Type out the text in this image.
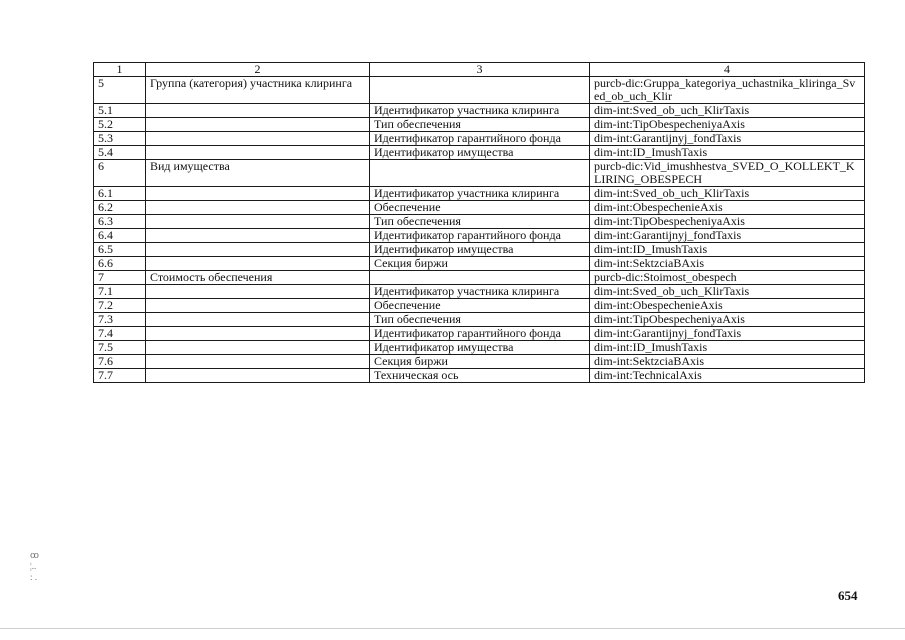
1	2	3	4
5	Группа (категория) участника клиринга		purcb-dic:Gruppa_kategoriya_uchastnika_kliringa_Sved_ob_uch_Klir
5.1		Идентификатор участника клиринга	dim-int:Sved_ob_uch_KlirTaxis
5.2		Тип обеспечения	dim-int:TipObespecheniyaAxis
5.3		Идентификатор гарантийного фонда	dim-int:Garantijnyj_fondTaxis
5.4		Идентификатор имущества	dim-int:ID_ImushTaxis
6	Вид имущества		purcb-dic:Vid_imushhestva_SVED_O_KOLLEKT_KLIRING_OBESPECH
6.1		Идентификатор участника клиринга	dim-int:Sved_ob_uch_KlirTaxis
6.2		Обеспечение	dim-int:ObespechenieAxis
6.3		Тип обеспечения	dim-int:TipObespecheniyaAxis
6.4		Идентификатор гарантийного фонда	dim-int:Garantijnyj_fondTaxis
6.5		Идентификатор имущества	dim-int:ID_ImushTaxis
6.6		Секция биржи	dim-int:SektzciaBAxis
7	Стоимость обеспечения		purcb-dic:Stoimost_obespech
7.1		Идентификатор участника клиринга	dim-int:Sved_ob_uch_KlirTaxis
7.2		Обеспечение	dim-int:ObespechenieAxis
7.3		Тип обеспечения	dim-int:TipObespecheniyaAxis
7.4		Идентификатор гарантийного фонда	dim-int:Garantijnyj_fondTaxis
7.5		Идентификатор имущества	dim-int:ID_ImushTaxis
7.6		Секция биржи	dim-int:SektzciaBAxis
7.7		Техническая ось	dim-int:TechnicalAxis
ꝏ
¦..
: .
654
